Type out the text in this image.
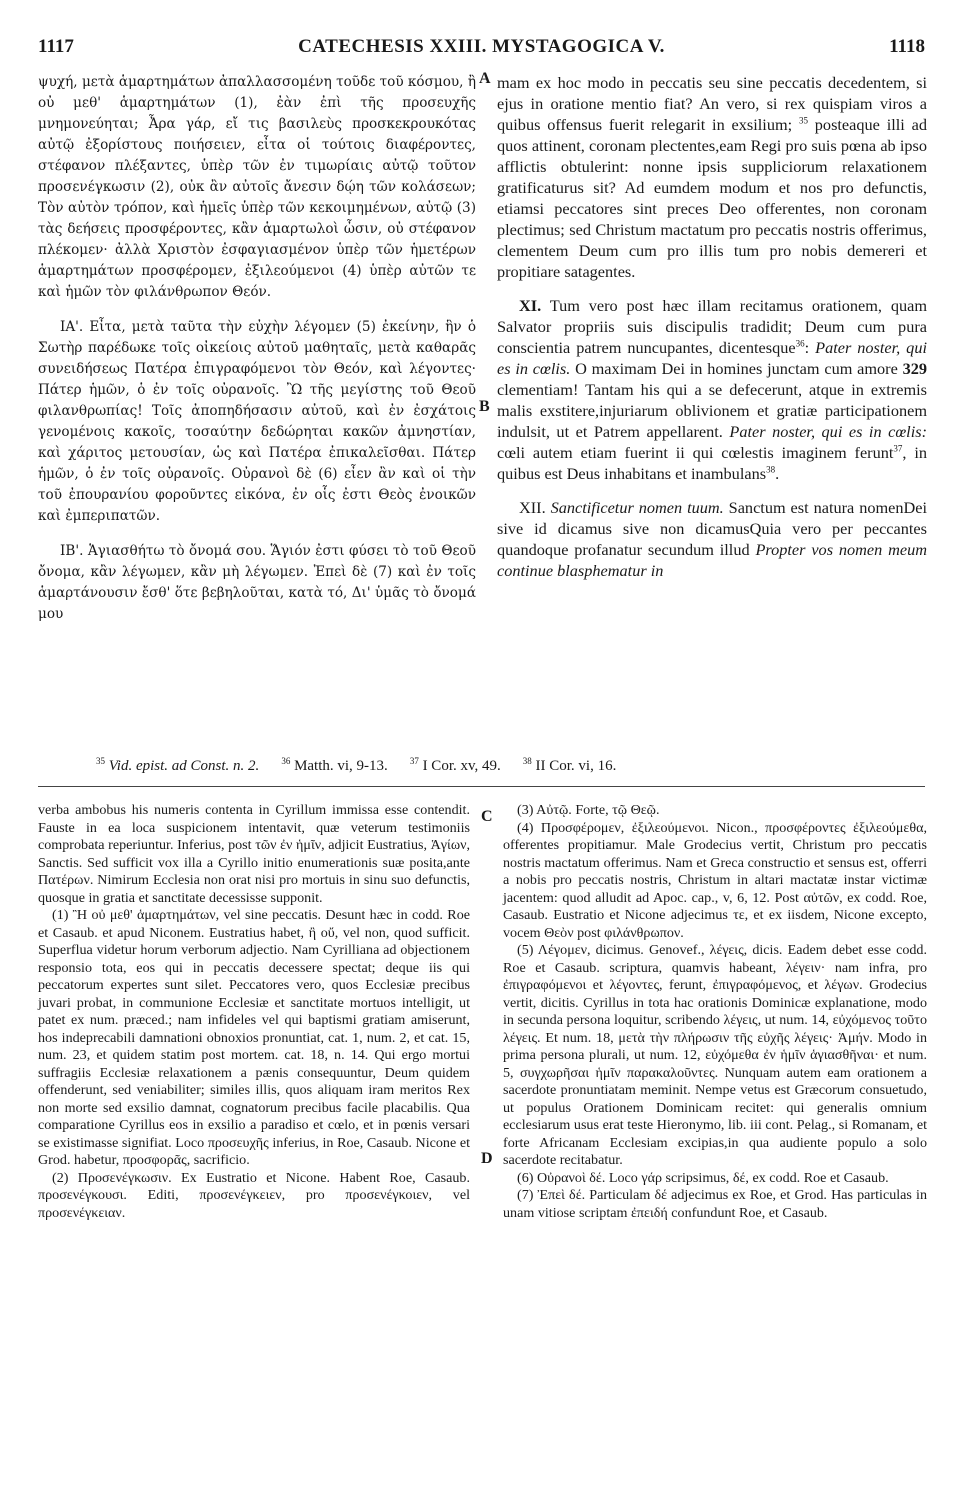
1117	CATECHESIS XXIII. MYSTAGOGICA V.	1118
A
B
C
D

ψυχή, μετὰ ἁμαρτημάτων ἀπαλλασσομένη τοῦδε τοῦ κόσμου, ἢ οὐ μεθ' ἁμαρτημάτων (1), ἐὰν ἐπὶ τῆς προσευχῆς μνημονεύηται; Ἆρα γάρ, εἴ τις βασιλεὺς προσκεκρουκότας αὐτῷ ἐξορίστους ποιήσειεν, εἶτα οἱ τούτοις διαφέροντες, στέφανον πλέξαντες, ὑπὲρ τῶν ἐν τιμωρίαις αὐτῷ τοῦτον προσενέγκωσιν (2), οὐκ ἂν αὐτοῖς ἄνεσιν δῴη τῶν κολάσεων; Τὸν αὐτὸν τρόπον, καὶ ἡμεῖς ὑπὲρ τῶν κεκοιμημένων, αὐτῷ (3) τὰς δεήσεις προσφέροντες, κἂν ἁμαρτωλοὶ ὦσιν, οὐ στέφανον πλέκομεν· ἀλλὰ Χριστὸν ἐσφαγιασμένον ὑπὲρ τῶν ἡμετέρων ἁμαρτημάτων προσφέρομεν, ἐξιλεούμενοι (4) ὑπὲρ αὐτῶν τε καὶ ἡμῶν τὸν φιλάνθρωπον Θεόν.

ΙΑ'. Εἶτα, μετὰ ταῦτα τὴν εὐχὴν λέγομεν (5) ἐκείνην, ἣν ὁ Σωτὴρ παρέδωκε τοῖς οἰκείοις αὐτοῦ μαθηταῖς, μετὰ καθαρᾶς συνειδήσεως Πατέρα ἐπιγραφόμενοι τὸν Θεόν, καὶ λέγοντες· Πάτερ ἡμῶν, ὁ ἐν τοῖς οὐρανοῖς. Ὢ τῆς μεγίστης τοῦ Θεοῦ φιλανθρωπίας! Τοῖς ἀποπηδήσασιν αὐτοῦ, καὶ ἐν ἐσχάτοις γενομένοις κακοῖς, τοσαύτην δεδώρηται κακῶν ἀμνηστίαν, καὶ χάριτος μετουσίαν, ὡς καὶ Πατέρα ἐπικαλεῖσθαι. Πάτερ ἡμῶν, ὁ ἐν τοῖς οὐρανοῖς. Οὐρανοὶ δὲ (6) εἶεν ἂν καὶ οἱ τὴν τοῦ ἐπουρανίου φοροῦντες εἰκόνα, ἐν οἷς ἐστι Θεὸς ἐνοικῶν καὶ ἐμπεριπατῶν.

ΙΒ'. Ἁγιασθήτω τὸ ὄνομά σου. Ἅγιόν ἐστι φύσει τὸ τοῦ Θεοῦ ὄνομα, κἂν λέγωμεν, κἂν μὴ λέγωμεν. Ἐπεὶ δὲ (7) καὶ ἐν τοῖς ἁμαρτάνουσιν ἔσθ' ὅτε βεβηλοῦται, κατὰ τό, Δι' ὑμᾶς τὸ ὄνομά μου

mam ex hoc modo in peccatis seu sine peccatis decedentem, si ejus in oratione mentio fiat? An vero, si rex quispiam viros a quibus offensus fuerit relegarit in exsilium; $^{35}$ posteaque illi ad quos attinent, coronam plectentes,eam Regi pro suis pœna ab ipso afflictis obtulerint: nonne ipsis suppliciorum relaxationem gratificaturus sit? Ad eumdem modum et nos pro defunctis, etiamsi peccatores sint preces Deo offerentes, non coronam plectimus; sed Christum mactatum pro peccatis nostris offerimus, clementem Deum cum pro illis tum pro nobis demereri et propitiare satagentes.

XI. Tum vero post hæc illam recitamus orationem, quam Salvator propriis suis discipulis tradidit; Deum cum pura conscientia patrem nuncupantes, dicentesque$^{36}$: Pater noster, qui es in cœlis. O maximam Dei in homines junctam cum amore 329 clementiam! Tantam his qui a se defecerunt, atque in extremis malis exstitere,injuriarum oblivionem et gratiæ participationem indulsit, ut et Patrem appellarent. Pater noster, qui es in cœlis: cœli autem etiam fuerint ii qui cœlestis imaginem ferunt$^{37}$, in quibus est Deus inhabitans et inambulans$^{38}$.

XII. Sanctificetur nomen tuum. Sanctum est natura nomenDei sive id dicamus sive non dicamusQuia vero per peccantes quandoque profanatur secundum illud Propter vos nomen meum continue blasphematur in

$^{35}$ Vid. epist. ad Const. n. 2. $^{36}$ Matth. vi, 9-13. $^{37}$ I Cor. xv, 49. $^{38}$ II Cor. vi, 16.

verba ambobus his numeris contenta in Cyrillum immissa esse contendit. Fauste in ea loca suspicionem intentavit, quæ veterum testimoniis comprobata reperiuntur. Inferius, post τῶν ἐν ἡμῖν, adjicit Eustratius, Ἁγίων, Sanctis. Sed sufficit vox illa a Cyrillo initio enumerationis suæ posita,ante Πατέρων. Nimirum Ecclesia non orat nisi pro mortuis in sinu suo defunctis, quosque in gratia et sanctitate decessisse supponit.

(1) Ἢ οὐ μεθ' ἁμαρτημάτων, vel sine peccatis. Desunt hæc in codd. Roe et Casaub. et apud Niconem. Eustratius habet, ἢ οὔ, vel non, quod sufficit. Superflua videtur horum verborum adjectio. Nam Cyrilliana ad objectionem responsio tota, eos qui in peccatis decessere spectat; deque iis qui peccatorum expertes sunt silet. Peccatores vero, quos Ecclesiæ precibus juvari probat, in communione Ecclesiæ et sanctitate mortuos intelligit, ut patet ex num. præced.; nam infideles vel qui baptismi gratiam amiserunt, hos indeprecabili damnationi obnoxios pronuntiat, cat. 1, num. 2, et cat. 15, num. 23, et quidem statim post mortem. cat. 18, n. 14. Qui ergo mortui suffragiis Ecclesiæ relaxationem a pænis consequuntur, Deum quidem offenderunt, sed veniabiliter; similes illis, quos aliquam iram meritos Rex non morte sed exsilio damnat, cognatorum precibus facile placabilis. Qua comparatione Cyrillus eos in exsilio a paradiso et cœlo, et in pœnis versari se existimasse signifiat. Loco προσευχῆς inferius, in Roe, Casaub. Nicone et Grod. habetur, προσφορᾶς, sacrificio.

(2) Προσενέγκωσιν. Ex Eustratio et Nicone. Habent Roe, Casaub. προσενέγκουσι. Editi, προσενέγκειεν, pro προσενέγκοιεν, vel προσενέγκειαν.

(3) Αὐτῷ. Forte, τῷ Θεῷ.

(4) Προσφέρομεν, ἐξιλεούμενοι. Nicon., προσφέροντες ἐξιλεούμεθα, offerentes propitiamur. Male Grodecius vertit, Christum pro peccatis nostris mactatum offerimus. Nam et Greca constructio et sensus est, offerri a nobis pro peccatis nostris, Christum in altari mactatæ instar victimæ jacentem: quod alludit ad Apoc. cap., v, 6, 12. Post αὐτῶν, ex codd. Roe, Casaub. Eustratio et Nicone adjecimus τε, et ex iisdem, Nicone excepto, vocem Θεὸν post φιλάνθρωπον.

(5) Λέγομεν, dicimus. Genovef., λέγεις, dicis. Eadem debet esse codd. Roe et Casaub. scriptura, quamvis habeant, λέγειν· nam infra, pro ἐπιγραφόμενοι et λέγοντες, ferunt, ἐπιγραφόμενος, et λέγων. Grodecius vertit, dicitis. Cyrillus in tota hac orationis Dominicæ explanatione, modo in secunda persona loquitur, scribendo λέγεις, ut num. 14, εὐχόμενος τοῦτο λέγεις. Et num. 18, μετὰ τὴν πλήρωσιν τῆς εὐχῆς λέγεις· Ἀμήν. Modo in prima persona plurali, ut num. 12, εὐχόμεθα ἐν ἡμῖν ἁγιασθῆναι· et num. 5, συγχωρῆσαι ἡμῖν παρακαλοῦντες. Nunquam autem eam orationem a sacerdote pronuntiatam meminit. Nempe vetus est Græcorum consuetudo, ut populus Orationem Dominicam recitet: qui generalis omnium ecclesiarum usus erat teste Hieronymo, lib. iii cont. Pelag., si Romanam, et forte Africanam Ecclesiam excipias,in qua audiente populo a solo sacerdote recitabatur.

(6) Οὐρανοὶ δέ. Loco γάρ scripsimus, δέ, ex codd. Roe et Casaub.

(7) Ἐπεὶ δέ. Particulam δέ adjecimus ex Roe, et Grod. Has particulas in unam vitiose scriptam ἐπειδή confundunt Roe, et Casaub.
